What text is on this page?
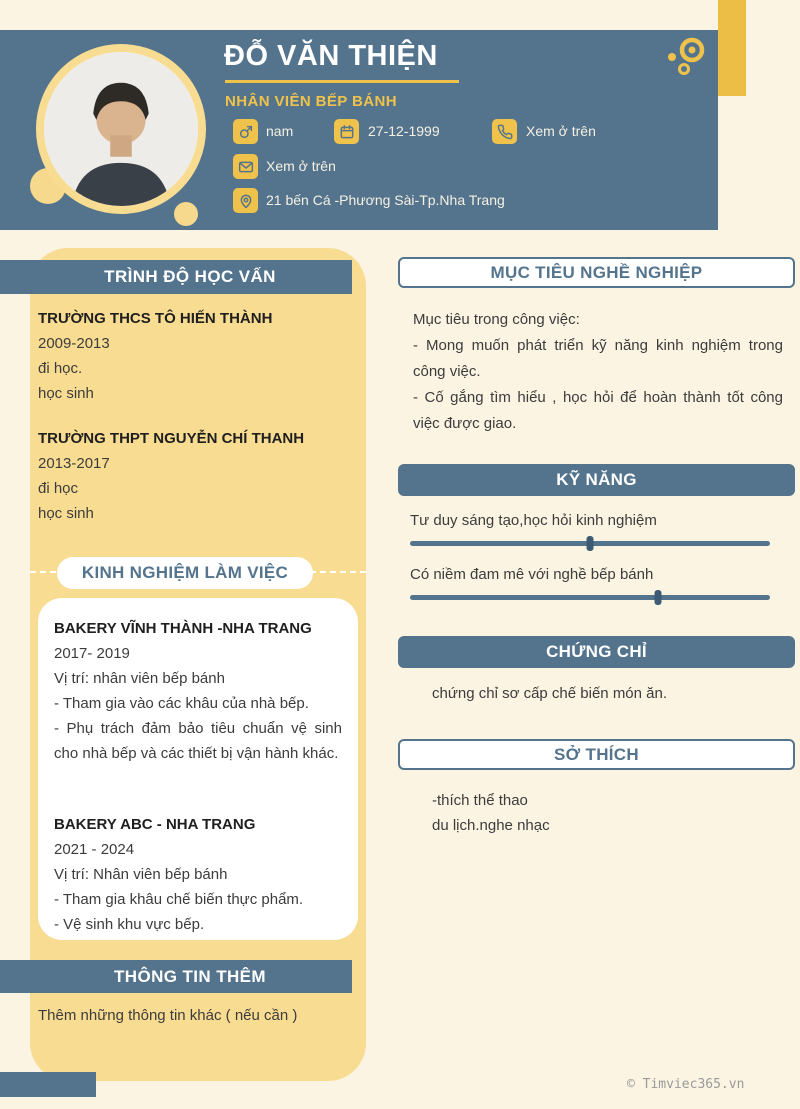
ĐỖ VĂN THIỆN
NHÂN VIÊN BẾP BÁNH
nam	27-12-1999	Xem ở trên
Xem ở trên
21 bến Cá -Phương Sài-Tp.Nha Trang
TRÌNH ĐỘ HỌC VẤN
TRƯỜNG THCS TÔ HIẾN THÀNH
2009-2013
đi học.
học sinh
TRƯỜNG THPT NGUYỄN CHÍ THANH
2013-2017
đi học
học sinh
KINH NGHIỆM LÀM VIỆC
BAKERY VĨNH THÀNH -NHA TRANG
2017- 2019
Vị trí: nhân viên bếp bánh
- Tham gia vào các khâu của nhà bếp.
- Phụ trách đảm bảo tiêu chuẩn vệ sinh cho nhà bếp và các thiết bị vận hành khác.
BAKERY ABC - NHA TRANG
2021 - 2024
Vị trí: Nhân viên bếp bánh
- Tham gia khâu chế biến thực phẩm.
- Vệ sinh khu vực bếp.
THÔNG TIN THÊM
Thêm những thông tin khác ( nếu cần )
MỤC TIÊU NGHỀ NGHIỆP
Mục tiêu trong công việc:
- Mong muốn phát triển kỹ năng kinh nghiệm trong công việc.
- Cố gắng tìm hiểu , học hỏi để hoàn thành tốt công việc được giao.
KỸ NĂNG
Tư duy sáng tạo,học hỏi kinh nghiệm
Có niềm đam mê với nghề bếp bánh
CHỨNG CHỈ
chứng chỉ sơ cấp chế biến món ăn.
SỞ THÍCH
-thích thể thao
du lịch.nghe nhạc
© Timviec365.vn
